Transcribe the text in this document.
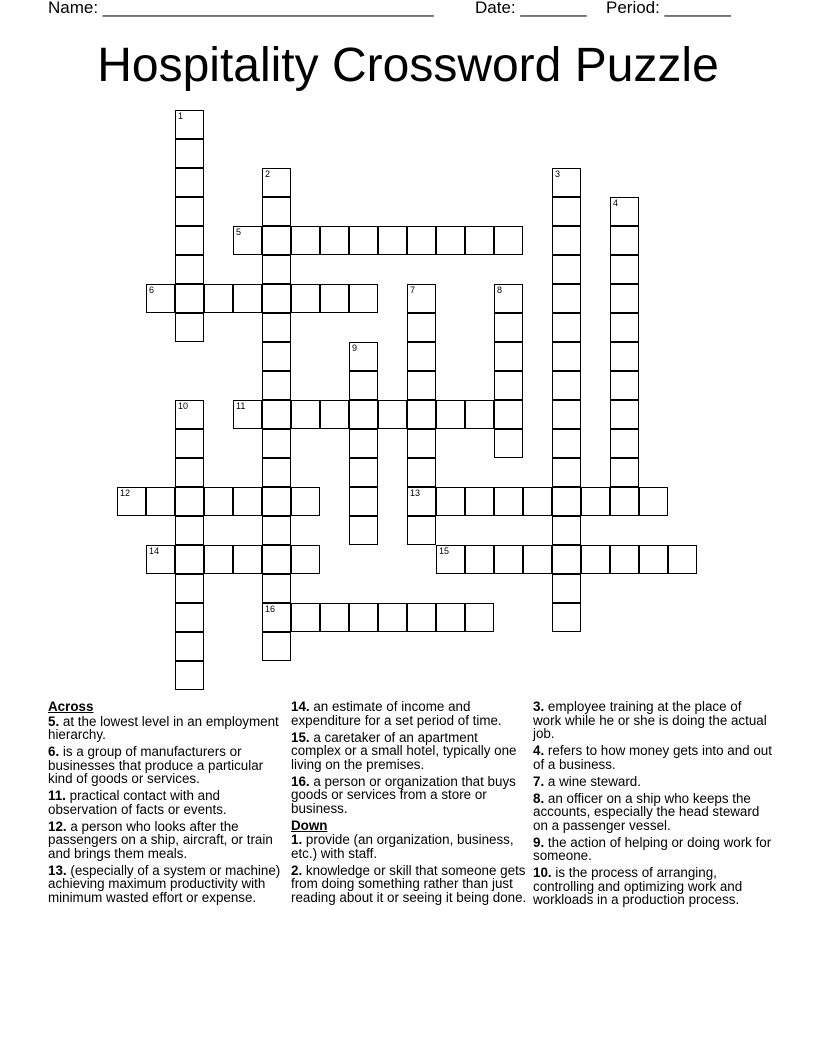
Name: ___________________________________

Date: _______

Period: _______

Hospitality Crossword Puzzle
1
2	3
4
5
6	7	8
9
10	11
12	13
14	15
16
Across
5. at the lowest level in an employment hierarchy.
6. is a group of manufacturers or businesses that produce a particular kind of goods or services.
11. practical contact with and observation of facts or events.
12. a person who looks after the passengers on a ship, aircraft, or train and brings them meals.
13. (especially of a system or machine) achieving maximum productivity with minimum wasted effort or expense.
14. an estimate of income and expenditure for a set period of time.
15. a caretaker of an apartment complex or a small hotel, typically one living on the premises.
16. a person or organization that buys goods or services from a store or business.
Down
1. provide (an organization, business, etc.) with staff.
2. knowledge or skill that someone gets from doing something rather than just reading about it or seeing it being done.
3. employee training at the place of work while he or she is doing the actual job.
4. refers to how money gets into and out of a business.
7. a wine steward.
8. an officer on a ship who keeps the accounts, especially the head steward on a passenger vessel.
9. the action of helping or doing work for someone.
10. is the process of arranging, controlling and optimizing work and workloads in a production process.
